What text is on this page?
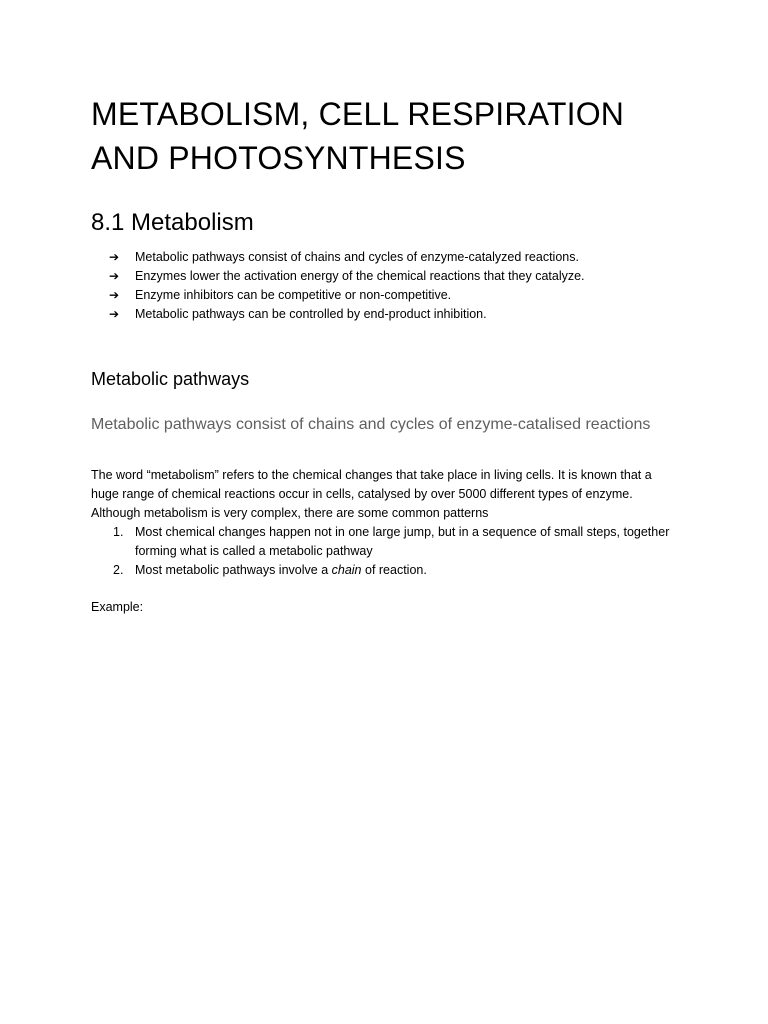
METABOLISM, CELL RESPIRATION
AND PHOTOSYNTHESIS
8.1 Metabolism
➔	Metabolic pathways consist of chains and cycles of enzyme-catalyzed reactions.
➔	Enzymes lower the activation energy of the chemical reactions that they catalyze.
➔	Enzyme inhibitors can be competitive or non-competitive.
➔	Metabolic pathways can be controlled by end-product inhibition.
Metabolic pathways
Metabolic pathways consist of chains and cycles of enzyme-catalised reactions

The word “metabolism” refers to the chemical changes that take place in living cells. It is known that a huge range of chemical reactions occur in cells, catalysed by over 5000 different types of enzyme. Although metabolism is very complex, there are some common patterns

1. Most chemical changes happen not in one large jump, but in a sequence of small steps, together forming what is called a metabolic pathway
2. Most metabolic pathways involve a chain of reaction.

Example:
